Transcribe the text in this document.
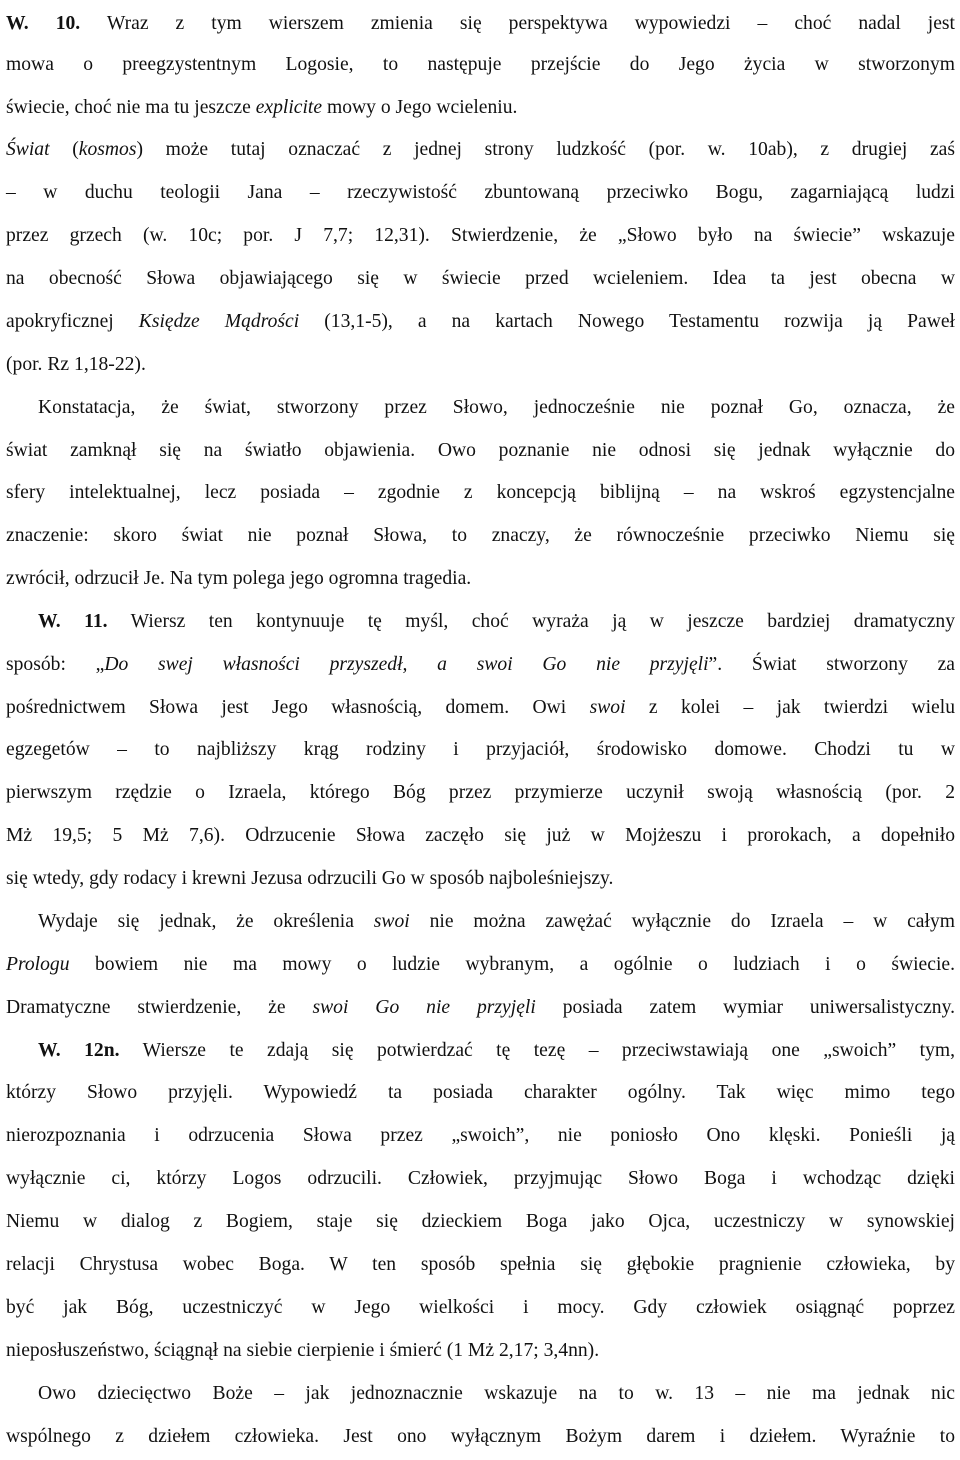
W. 10. Wraz z tym wierszem zmienia się perspektywa wypowiedzi – choć nadal jest
mowa o preegzystentnym Logosie, to następuje przejście do Jego życia w stworzonym
świecie, choć nie ma tu jeszcze explicite mowy o Jego wcieleniu.
Świat (kosmos) może tutaj oznaczać z jednej strony ludzkość (por. w. 10ab), z drugiej zaś
– w duchu teologii Jana – rzeczywistość zbuntowaną przeciwko Bogu, zagarniającą ludzi
przez grzech (w. 10c; por. J 7,7; 12,31). Stwierdzenie, że „Słowo było na świecie” wskazuje
na obecność Słowa objawiającego się w świecie przed wcieleniem. Idea ta jest obecna w
apokryficznej Księdze Mądrości (13,1-5), a na kartach Nowego Testamentu rozwija ją Paweł
(por. Rz 1,18-22).
Konstatacja, że świat, stworzony przez Słowo, jednocześnie nie poznał Go, oznacza, że
świat zamknął się na światło objawienia. Owo poznanie nie odnosi się jednak wyłącznie do
sfery intelektualnej, lecz posiada – zgodnie z koncepcją biblijną – na wskroś egzystencjalne
znaczenie: skoro świat nie poznał Słowa, to znaczy, że równocześnie przeciwko Niemu się
zwrócił, odrzucił Je. Na tym polega jego ogromna tragedia.
W. 11. Wiersz ten kontynuuje tę myśl, choć wyraża ją w jeszcze bardziej dramatyczny
sposób: „Do swej własności przyszedł, a swoi Go nie przyjęli”. Świat stworzony za
pośrednictwem Słowa jest Jego własnością, domem. Owi swoi z kolei – jak twierdzi wielu
egzegetów – to najbliższy krąg rodziny i przyjaciół, środowisko domowe. Chodzi tu w
pierwszym rzędzie o Izraela, którego Bóg przez przymierze uczynił swoją własnością (por. 2
Mż 19,5; 5 Mż 7,6). Odrzucenie Słowa zaczęło się już w Mojżeszu i prorokach, a dopełniło
się wtedy, gdy rodacy i krewni Jezusa odrzucili Go w sposób najboleśniejszy.
Wydaje się jednak, że określenia swoi nie można zawężać wyłącznie do Izraela – w całym
Prologu bowiem nie ma mowy o ludzie wybranym, a ogólnie o ludziach i o świecie.
Dramatyczne stwierdzenie, że swoi Go nie przyjęli posiada zatem wymiar uniwersalistyczny.
W. 12n. Wiersze te zdają się potwierdzać tę tezę – przeciwstawiają one „swoich” tym,
którzy Słowo przyjęli. Wypowiedź ta posiada charakter ogólny. Tak więc mimo tego
nierozpoznania i odrzucenia Słowa przez „swoich”, nie poniosło Ono klęski. Ponieśli ją
wyłącznie ci, którzy Logos odrzucili. Człowiek, przyjmując Słowo Boga i wchodząc dzięki
Niemu w dialog z Bogiem, staje się dzieckiem Boga jako Ojca, uczestniczy w synowskiej
relacji Chrystusa wobec Boga. W ten sposób spełnia się głębokie pragnienie człowieka, by
być jak Bóg, uczestniczyć w Jego wielkości i mocy. Gdy człowiek osiągnąć poprzez
nieposłuszeństwo, ściągnął na siebie cierpienie i śmierć (1 Mż 2,17; 3,4nn).
Owo dziecięctwo Boże – jak jednoznacznie wskazuje na to w. 13 – nie ma jednak nic
wspólnego z dziełem człowieka. Jest ono wyłącznym Bożym darem i dziełem. Wyraźnie to
